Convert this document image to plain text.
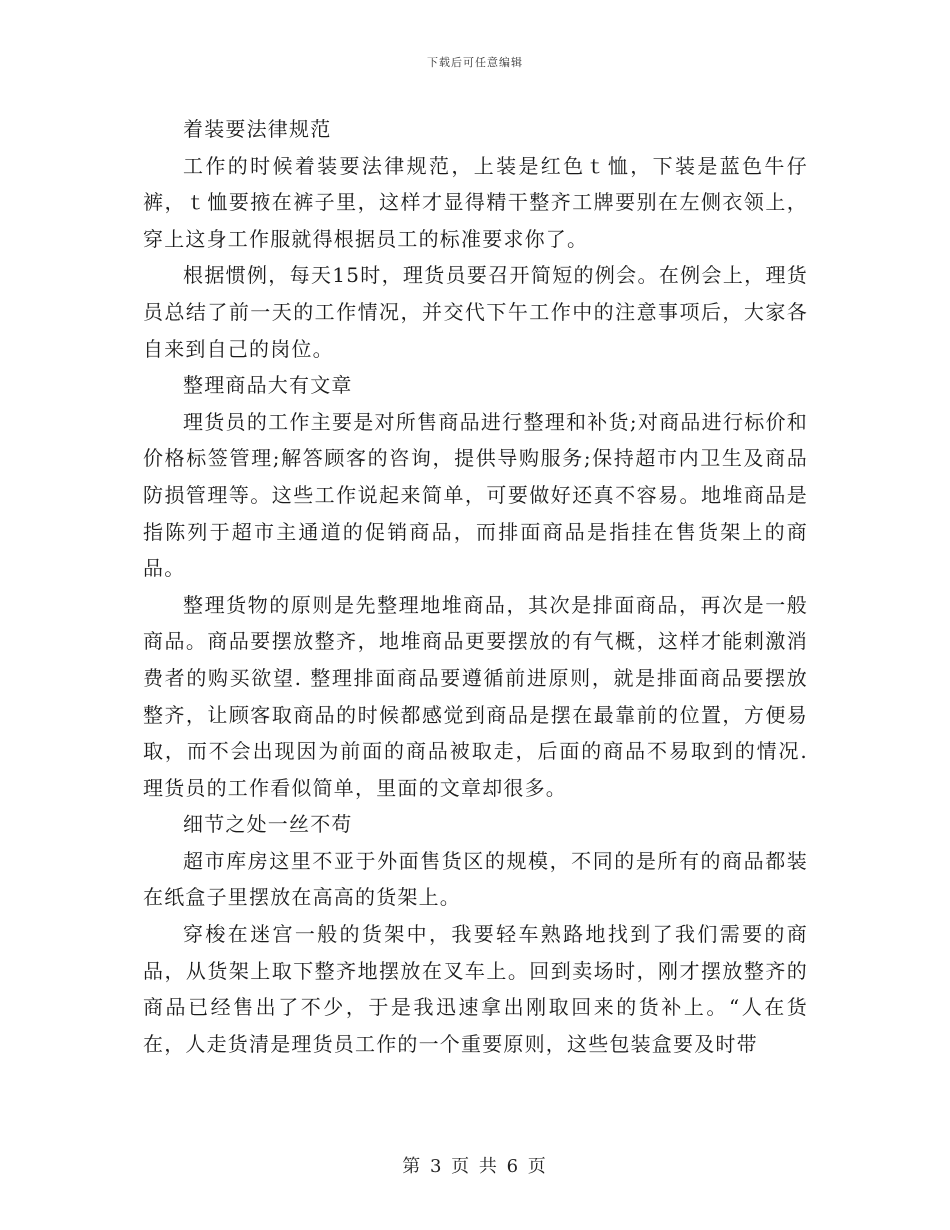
下载后可任意编辑

着装要法律规范

工作的时候着装要法律规范，上装是红色ｔ恤，下装是蓝色牛仔裤，ｔ恤要掖在裤子里，这样才显得精干整齐工牌要别在左侧衣领上，穿上这身工作服就得根据员工的标准要求你了。

根据惯例，每天15时，理货员要召开简短的例会。在例会上，理货员总结了前一天的工作情况，并交代下午工作中的注意事项后，大家各自来到自己的岗位。

整理商品大有文章

理货员的工作主要是对所售商品进行整理和补货;对商品进行标价和价格标签管理;解答顾客的咨询，提供导购服务;保持超市内卫生及商品防损管理等。这些工作说起来简单，可要做好还真不容易。地堆商品是指陈列于超市主通道的促销商品，而排面商品是指挂在售货架上的商品。

整理货物的原则是先整理地堆商品，其次是排面商品，再次是一般商品。商品要摆放整齐，地堆商品更要摆放的有气概，这样才能刺激消费者的购买欲望. 整理排面商品要遵循前进原则，就是排面商品要摆放整齐，让顾客取商品的时候都感觉到商品是摆在最靠前的位置，方便易取，而不会出现因为前面的商品被取走，后面的商品不易取到的情况. 理货员的工作看似简单，里面的文章却很多。

细节之处一丝不苟

超市库房这里不亚于外面售货区的规模，不同的是所有的商品都装在纸盒子里摆放在高高的货架上。

穿梭在迷宫一般的货架中，我要轻车熟路地找到了我们需要的商品，从货架上取下整齐地摆放在叉车上。回到卖场时，刚才摆放整齐的商品已经售出了不少，于是我迅速拿出刚取回来的货补上。“人在货在，人走货清是理货员工作的一个重要原则，这些包装盒要及时带

第 3 页 共 6 页
